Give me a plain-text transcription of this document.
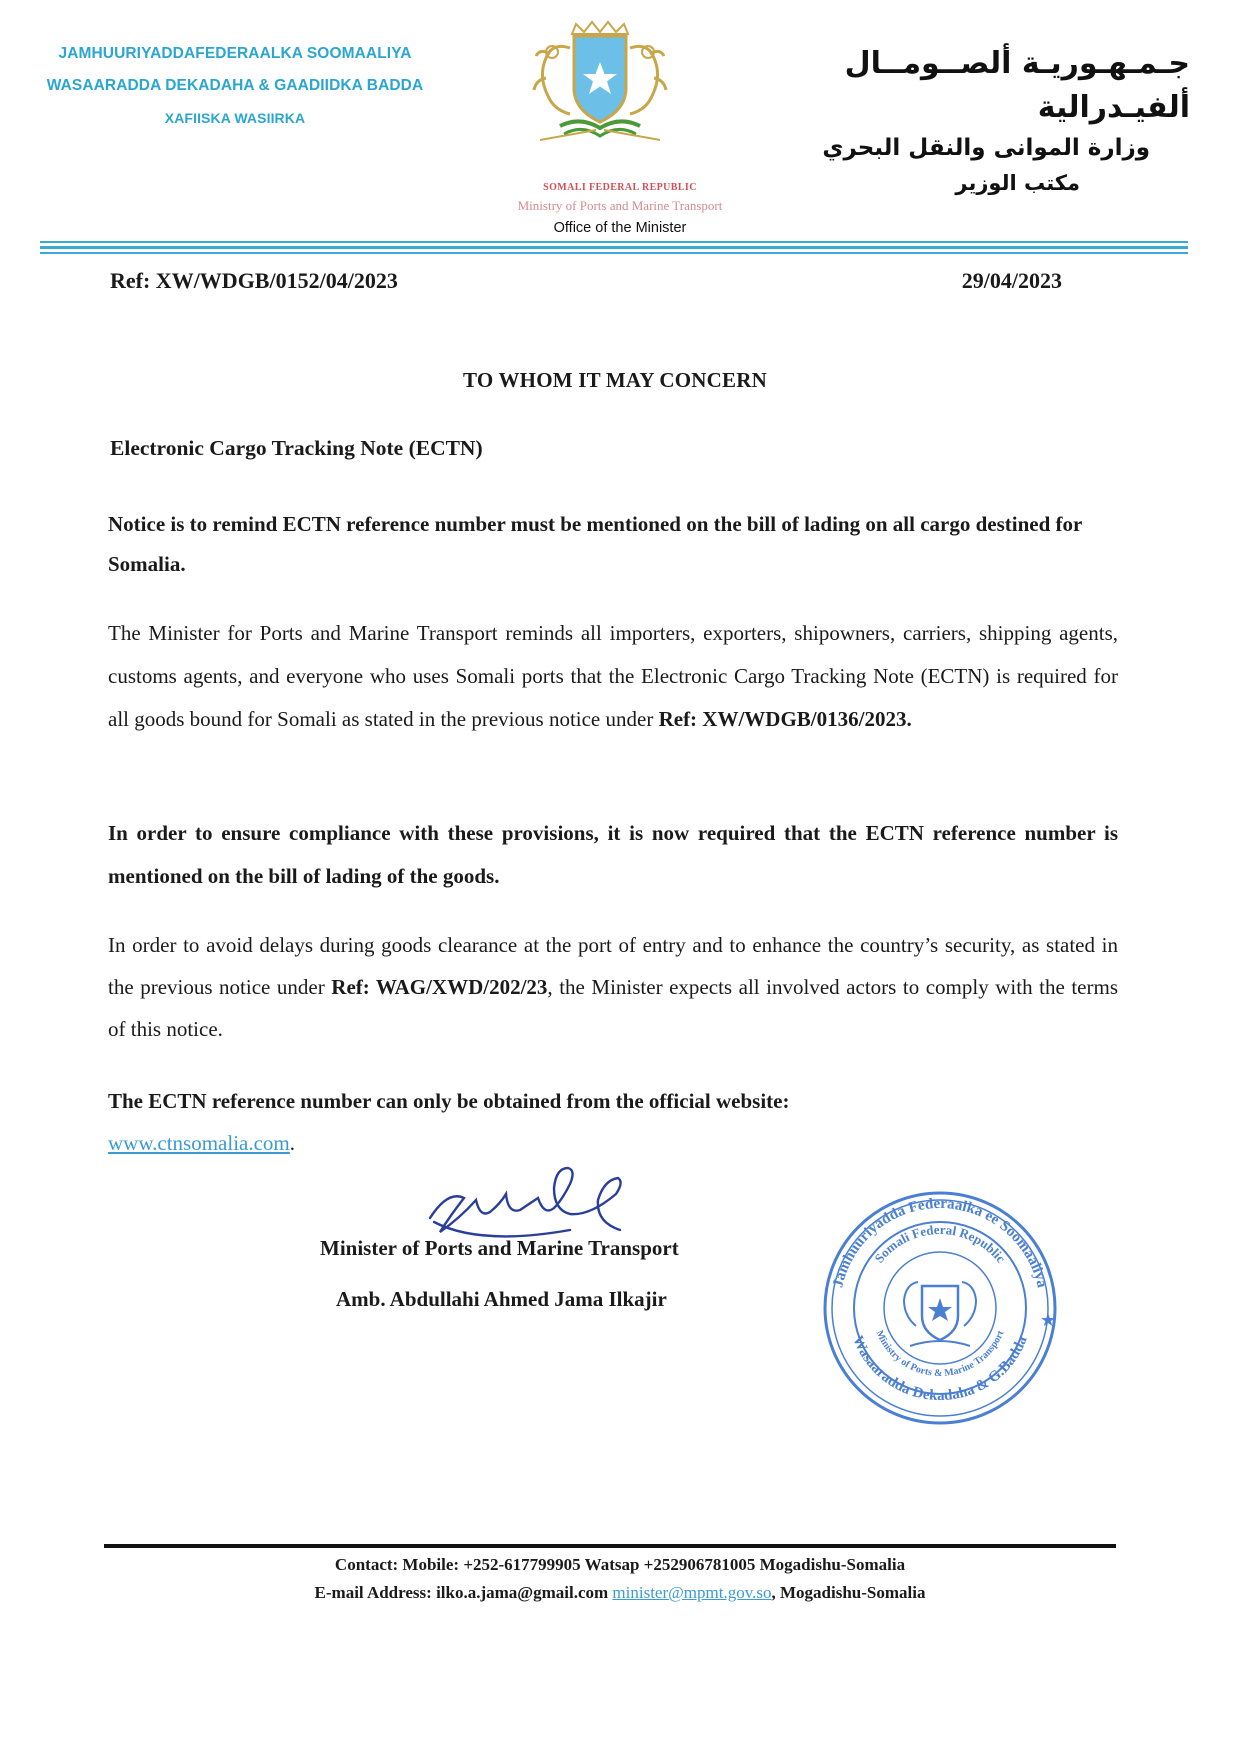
JAMHUURIYADDAFEDERAALKA SOOMAALIYA
WASAARADDA DEKADAHA & GAADIIDKA BADDA
XAFIISKA WASIIRKA
SOMALI FEDERAL REPUBLIC
Ministry of Ports and Marine Transport
Office of the Minister
جـمـهـوريـة ألصــومــال ألفيـدرالية
وزارة الموانى والنقل البحري
مكتب الوزير
Ref: XW/WDGB/0152/04/2023	29/04/2023
TO WHOM IT MAY CONCERN
Electronic Cargo Tracking Note (ECTN)
Notice is to remind ECTN reference number must be mentioned on the bill of lading on all cargo destined for Somalia.
The Minister for Ports and Marine Transport reminds all importers, exporters, shipowners, carriers, shipping agents, customs agents, and everyone who uses Somali ports that the Electronic Cargo Tracking Note (ECTN) is required for all goods bound for Somali as stated in the previous notice under Ref: XW/WDGB/0136/2023.
In order to ensure compliance with these provisions, it is now required that the ECTN reference number is mentioned on the bill of lading of the goods.
In order to avoid delays during goods clearance at the port of entry and to enhance the country’s security, as stated in the previous notice under Ref: WAG/XWD/202/23, the Minister expects all involved actors to comply with the terms of this notice.
The ECTN reference number can only be obtained from the official website:
www.ctnsomalia.com.
Minister of Ports and Marine Transport
Amb. Abdullahi Ahmed Jama Ilkajir
Jamhuuriyadda Federaalka ee Soomaaliya
Wasaaradda Dekadaha & G.Badda
Somali Federal Republic
Ministry of Ports & Marine Transport
★
Contact: Mobile: +252-617799905 Watsap +252906781005 Mogadishu-Somalia
E-mail Address: ilko.a.jama@gmail.com minister@mpmt.gov.so, Mogadishu-Somalia
